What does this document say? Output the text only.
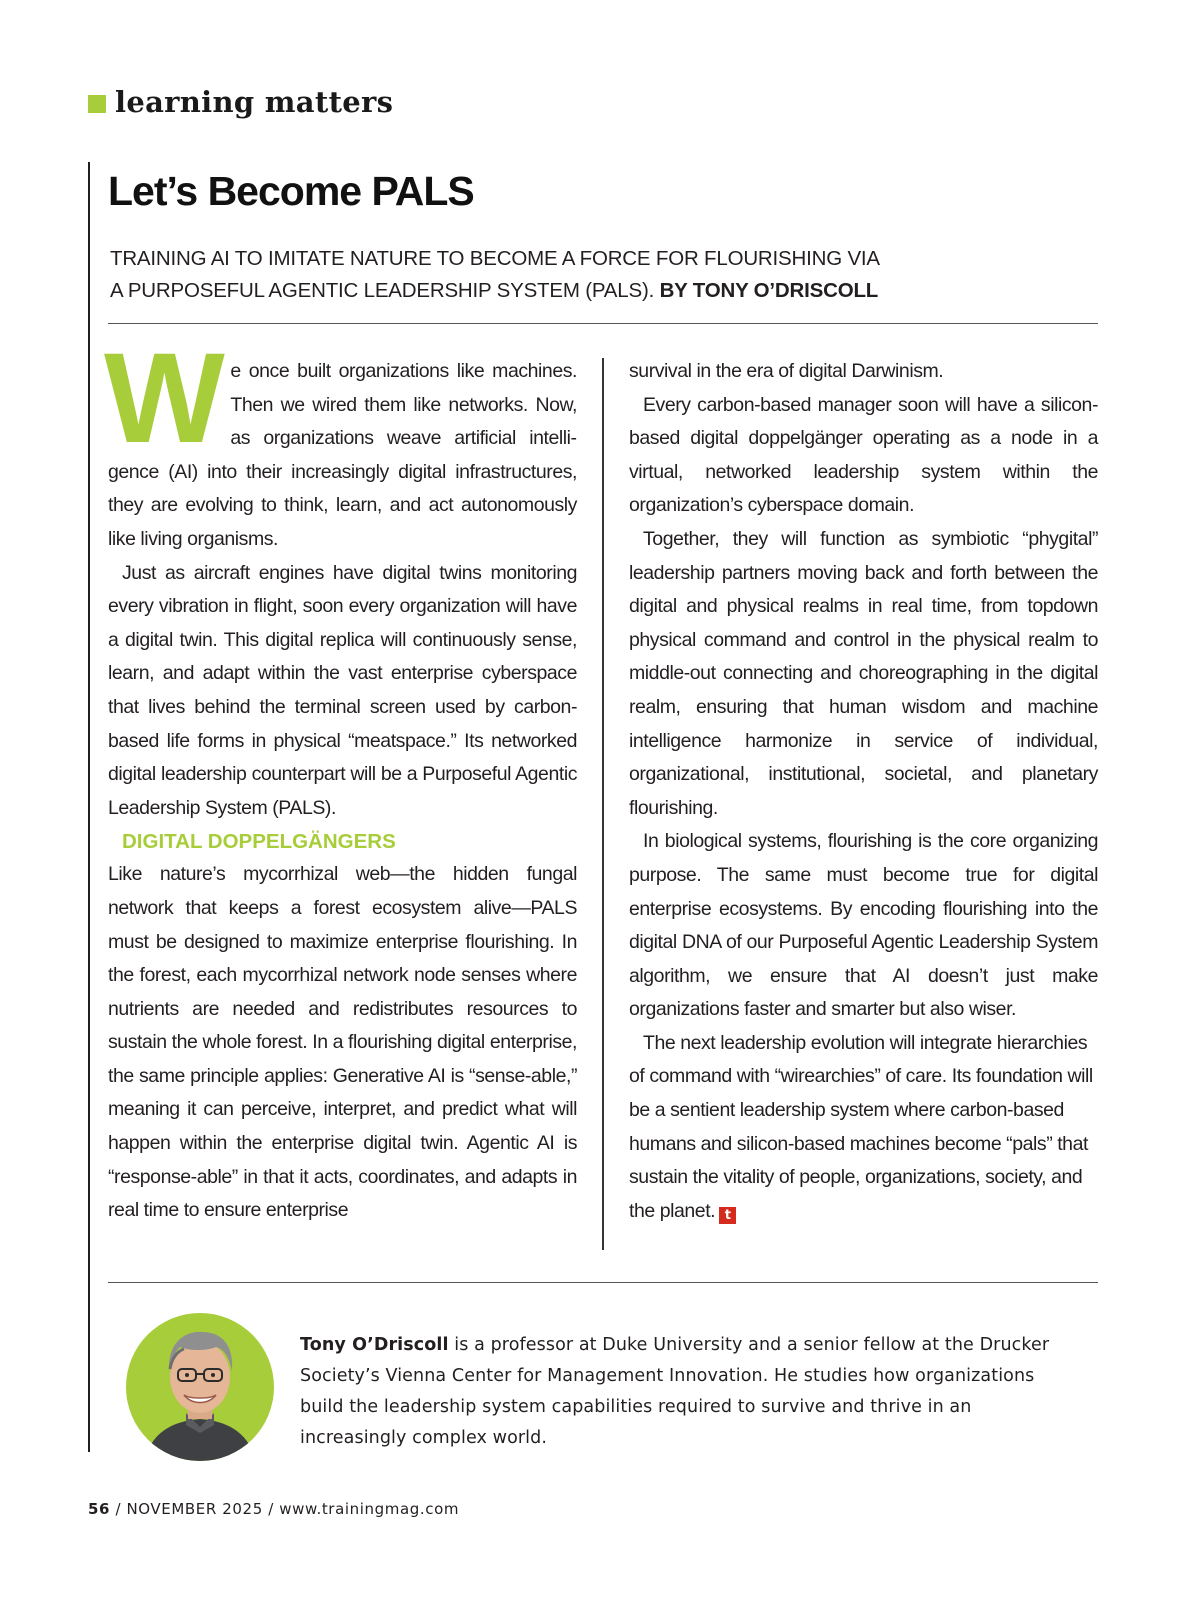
learning matters
Let’s Become PALS
TRAINING AI TO IMITATE NATURE TO BECOME A FORCE FOR FLOURISHING VIA
A PURPOSEFUL AGENTIC LEADERSHIP SYSTEM (PALS). BY TONY O’DRISCOLL

We once built organizations like machines. Then we wired them like networks. Now, as organizations weave artificial intelligence (AI) into their increasingly digital infrastructures, they are evolving to think, learn, and act autonomously like living organisms.

Just as aircraft engines have digital twins monitoring every vibration in flight, soon every organization will have a digital twin. This digital replica will continuously sense, learn, and adapt within the vast enterprise cyberspace that lives behind the terminal screen used by carbon-based life forms in physical “meatspace.” Its networked digital leadership counterpart will be a Purposeful Agentic Leadership System (PALS).

DIGITAL DOPPELGÄNGERS

Like nature’s mycorrhizal web—the hidden fungal network that keeps a forest ecosystem alive—PALS must be designed to maximize enterprise flourishing. In the forest, each mycorrhizal network node senses where nutrients are needed and redistributes resources to sustain the whole forest. In a flourishing digital enterprise, the same principle applies: Generative AI is “sense-able,” meaning it can perceive, interpret, and predict what will happen within the enterprise digital twin. Agentic AI is “response-able” in that it acts, coordinates, and adapts in real time to ensure enterprise

survival in the era of digital Darwinism.

Every carbon-based manager soon will have a silicon-based digital doppelgänger operating as a node in a virtual, networked leadership system within the organization’s cyberspace domain.

Together, they will function as symbiotic “phygital” leadership partners moving back and forth between the digital and physical realms in real time, from topdown physical command and control in the physical realm to middle-out connecting and choreographing in the digital realm, ensuring that human wisdom and machine intelligence harmonize in service of individual, organizational, institutional, societal, and planetary flourishing.

In biological systems, flourishing is the core organizing purpose. The same must become true for digital enterprise ecosystems. By encoding flourishing into the digital DNA of our Purposeful Agentic Leadership System algorithm, we ensure that AI doesn’t just make organizations faster and smarter but also wiser.

The next leadership evolution will integrate hierarchies of command with “wirearchies” of care. Its foundation will be a sentient leadership system where carbon-based humans and silicon-based machines become “pals” that sustain the vitality of people, organizations, society, and the planet. t

Tony O’Driscoll is a professor at Duke University and a senior fellow at the Drucker
Society’s Vienna Center for Management Innovation. He studies how organizations
build the leadership system capabilities required to survive and thrive in an
increasingly complex world.
56 / NOVEMBER 2025 / www.trainingmag.com
